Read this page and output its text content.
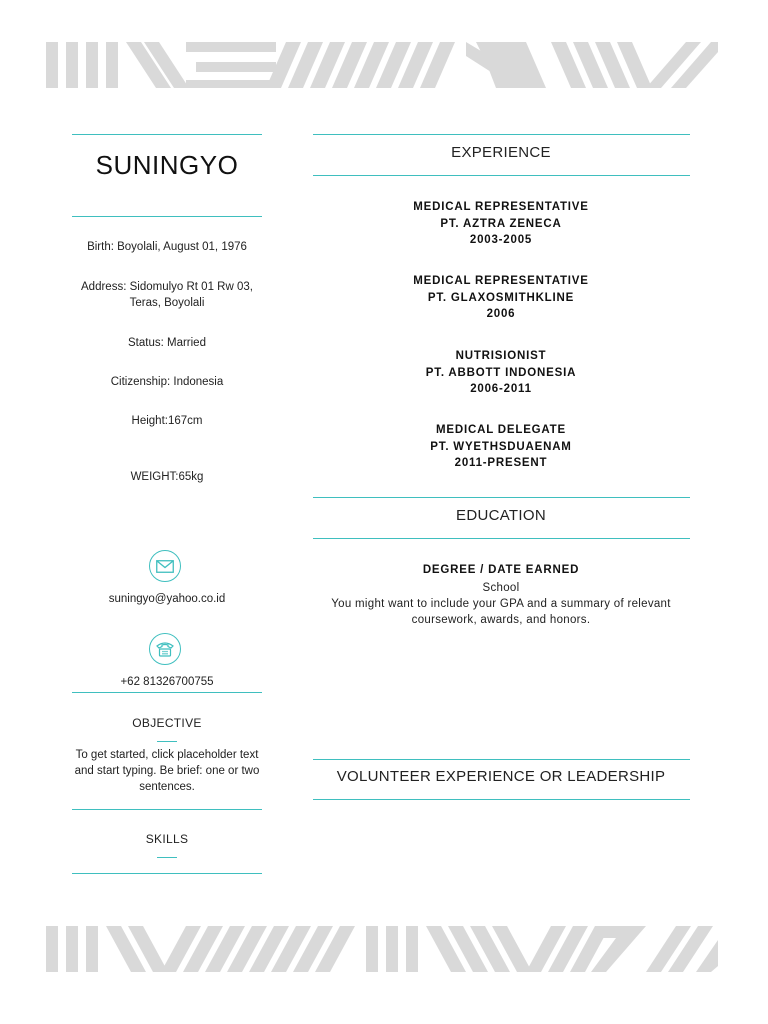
SUNINGYO
Birth: Boyolali, August 01, 1976
Address: Sidomulyo Rt 01 Rw 03, Teras, Boyolali
Status: Married
Citizenship: Indonesia
Height:167cm
WEIGHT:65kg
suningyo@yahoo.co.id
+62 81326700755
OBJECTIVE
To get started, click placeholder text and start typing. Be brief: one or two sentences.
SKILLS
EXPERIENCE
MEDICAL REPRESENTATIVE
PT. AZTRA ZENECA
2003-2005
MEDICAL REPRESENTATIVE
PT. GLAXOSMITHKLINE
2006
NUTRISIONIST
PT. ABBOTT INDONESIA
2006-2011
MEDICAL DELEGATE
PT. WYETHSDUAENAM
2011-PRESENT
EDUCATION
DEGREE / DATE EARNED
School
You might want to include your GPA and a summary of relevant coursework, awards, and honors.
VOLUNTEER EXPERIENCE OR LEADERSHIP
